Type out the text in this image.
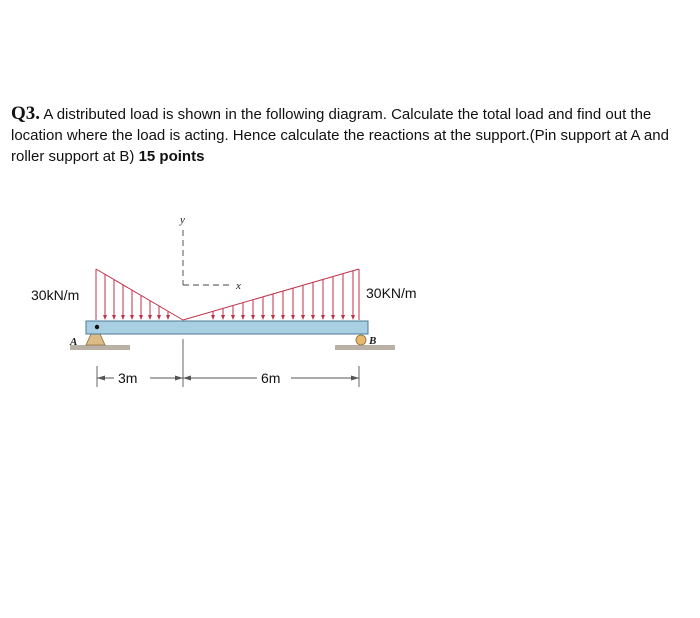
Q3. A distributed load is shown in the following diagram. Calculate the total load and find out the location where the load is acting. Hence calculate the reactions at the support.(Pin support at A and roller support at B) 15 points
A	B
y
x
30kN/m	30KN/m
3m	6m
